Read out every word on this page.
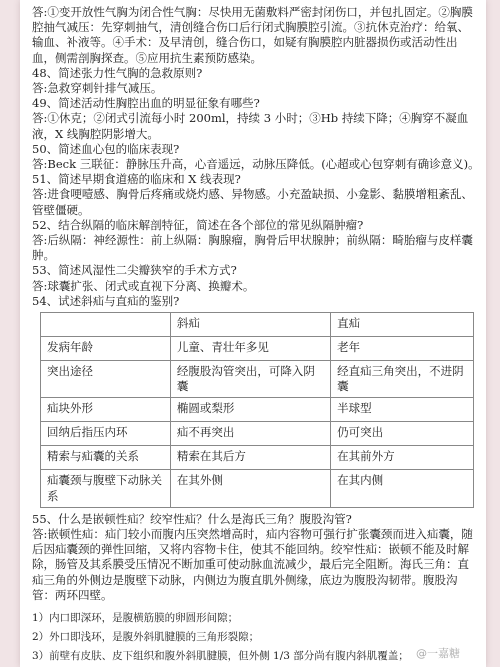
答:①变开放性气胸为闭合性气胸：尽快用无菌敷料严密封闭伤口，并包扎固定。②胸膜腔抽气减压：先穿刺抽气，清创缝合伤口后行闭式胸膜腔引流。③抗休克治疗：给氧、输血、补液等。④手术：及早清创，缝合伤口，如疑有胸膜腔内脏器损伤或活动性出血，侧需剖胸探查。⑤应用抗生素预防感染。

48、简述张力性气胸的急救原则?

答:急救穿刺针排气减压。

49、简述活动性胸腔出血的明显征象有哪些?

答:①休克；②闭式引流每小时 200ml，持续 3 小时；③Hb 持续下降；④胸穿不凝血液，X 线胸腔阴影增大。

50、简述血心包的临床表现?

答:Beck 三联征：静脉压升高，心音遥远，动脉压降低。(心超或心包穿刺有确诊意义)。

51、简述早期食道癌的临床和 X 线表现?

答:进食哽噎感、胸骨后疼痛或烧灼感、异物感。小充盈缺损、小龛影、黏膜增粗紊乱、管壁僵硬。

52、结合纵隔的临床解剖特征，简述在各个部位的常见纵隔肿瘤?

答:后纵隔：神经源性：前上纵隔：胸腺瘤，胸骨后甲状腺肿；前纵隔：畸胎瘤与皮样囊肿。

53、简述风湿性二尖瓣狭窄的手术方式?

答:球囊扩张、闭式或直视下分离、换瓣术。

54、试述斜疝与直疝的鉴别?

	斜疝	直疝
发病年龄	儿童、青壮年多见	老年
突出途径	经腹股沟管突出，可降入阴囊	经直疝三角突出，不进阴囊
疝块外形	椭圆或梨形	半球型
回纳后指压内环	疝不再突出	仍可突出
精索与疝囊的关系	精索在其后方	在其前外方
疝囊颈与腹壁下动脉关系	在其外侧	在其内侧

55、什么是嵌顿性疝？绞窄性疝？什么是海氏三角？腹股沟管?

答:嵌顿性疝：疝门较小而腹内压突然增高时，疝内容物可强行扩张囊颈而进入疝囊，随后因疝囊颈的弹性回缩，又将内容物卡住，使其不能回纳。绞窄性疝：嵌顿不能及时解除，肠管及其系膜受压情况不断加重可使动脉血流减少，最后完全阻断。海氏三角：直疝三角的外侧边是腹壁下动脉，内侧边为腹直肌外侧缘，底边为腹股沟韧带。腹股沟管：两环四壁。

1）内口即深环，是腹横筋膜的卵圆形间隙；

2）外口即浅环，是腹外斜肌腱膜的三角形裂隙；

3）前壁有皮肤、皮下组织和腹外斜肌腱膜，但外侧 1/3 部分尚有腹内斜肌覆盖； @一嘉糖
